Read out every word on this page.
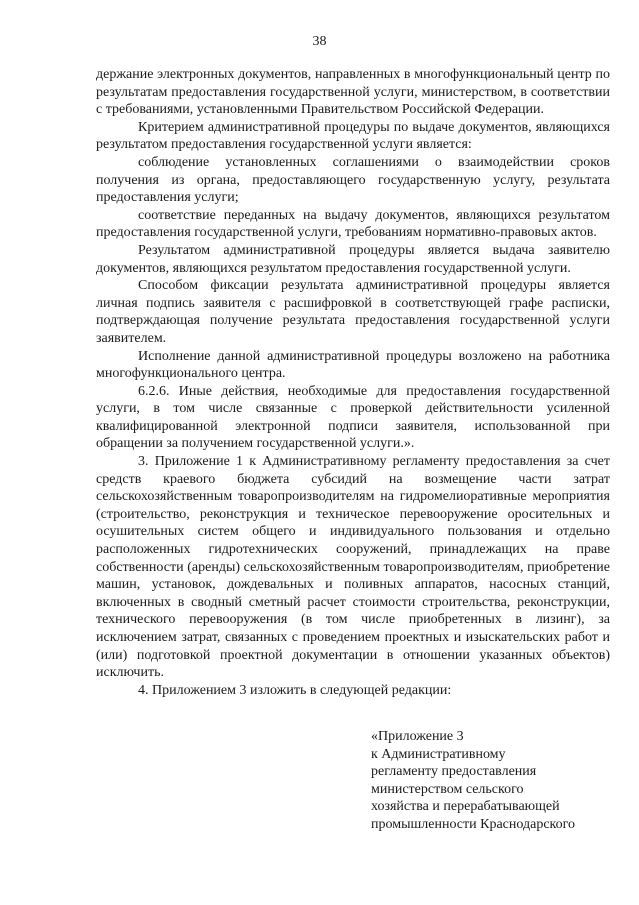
38

держание электронных документов, направленных в многофункциональный центр по результатам предоставления государственной услуги, министерством, в соответствии с требованиями, установленными Правительством Российской Федерации.

Критерием административной процедуры по выдаче документов, являющихся результатом предоставления государственной услуги является:

соблюдение установленных соглашениями о взаимодействии сроков получения из органа, предоставляющего государственную услугу, результата предоставления услуги;

соответствие переданных на выдачу документов, являющихся результатом предоставления государственной услуги, требованиям нормативно-правовых актов.

Результатом административной процедуры является выдача заявителю документов, являющихся результатом предоставления государственной услуги.

Способом фиксации результата административной процедуры является личная подпись заявителя с расшифровкой в соответствующей графе расписки, подтверждающая получение результата предоставления государственной услуги заявителем.

Исполнение данной административной процедуры возложено на работника многофункционального центра.

6.2.6. Иные действия, необходимые для предоставления государственной услуги, в том числе связанные с проверкой действительности усиленной квалифицированной электронной подписи заявителя, использованной при обращении за получением государственной услуги.».

3. Приложение 1 к Административному регламенту предоставления за счет средств краевого бюджета субсидий на возмещение части затрат сельскохозяйственным товаропроизводителям на гидромелиоративные мероприятия (строительство, реконструкция и техническое перевооружение оросительных и осушительных систем общего и индивидуального пользования и отдельно расположенных гидротехнических сооружений, принадлежащих на праве собственности (аренды) сельскохозяйственным товаропроизводителям, приобретение машин, установок, дождевальных и поливных аппаратов, насосных станций, включенных в сводный сметный расчет стоимости строительства, реконструкции, технического перевооружения (в том числе приобретенных в лизинг), за исключением затрат, связанных с проведением проектных и изыскательских работ и (или) подготовкой проектной документации в отношении указанных объектов) исключить.

4. Приложением 3 изложить в следующей редакции:

«Приложение 3
к Административному
регламенту предоставления
министерством сельского
хозяйства и перерабатывающей
промышленности Краснодарского
